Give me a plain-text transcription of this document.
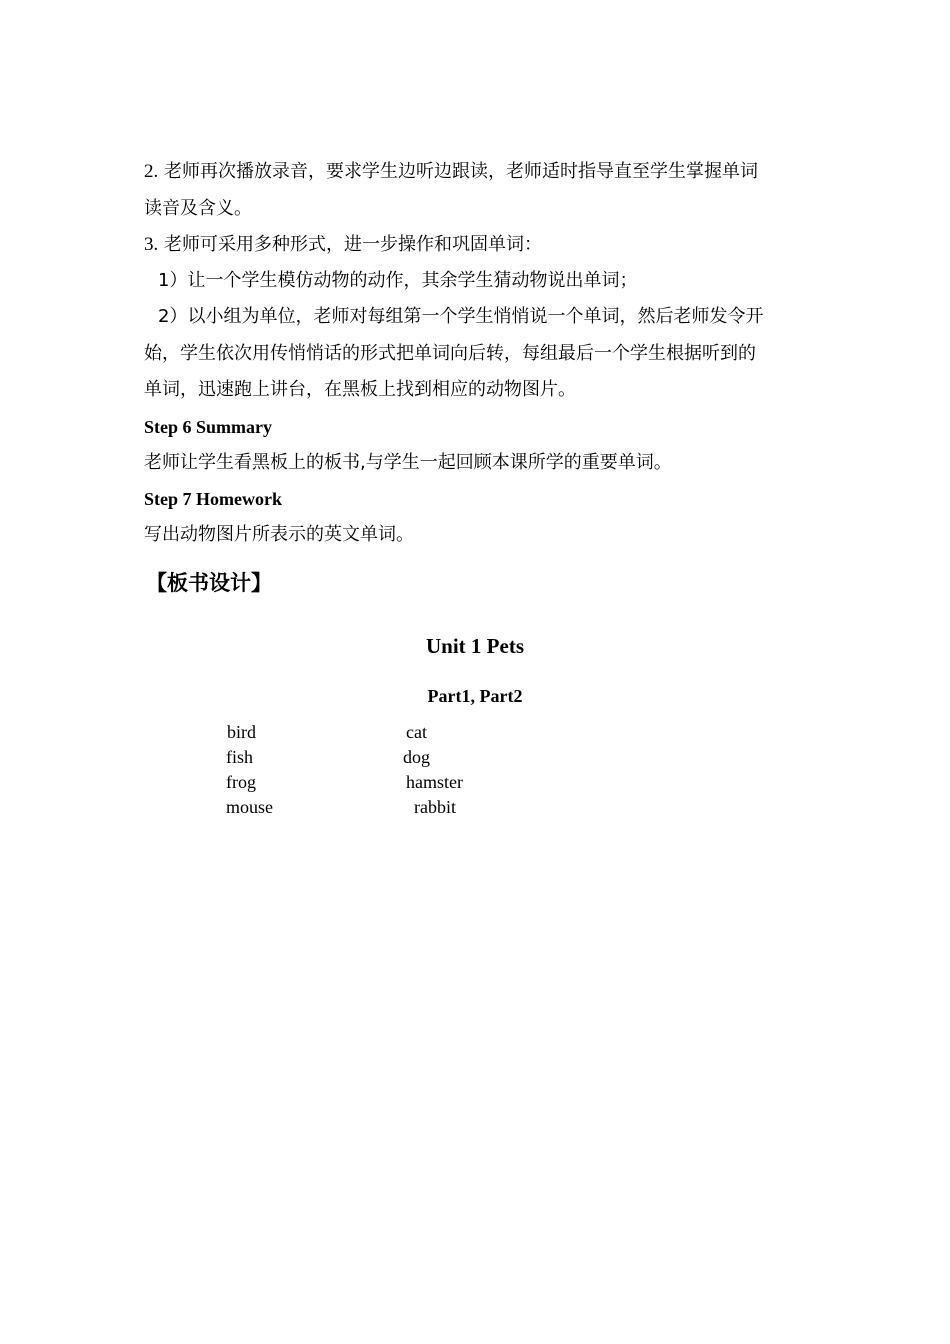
2. 老师再次播放录音，要求学生边听边跟读，老师适时指导直至学生掌握单词
读音及含义。
3. 老师可采用多种形式，进一步操作和巩固单词：
1）让一个学生模仿动物的动作，其余学生猜动物说出单词；
2）以小组为单位，老师对每组第一个学生悄悄说一个单词，然后老师发令开
始，学生依次用传悄悄话的形式把单词向后转，每组最后一个学生根据听到的
单词，迅速跑上讲台，在黑板上找到相应的动物图片。
Step 6 Summary
老师让学生看黑板上的板书,与学生一起回顾本课所学的重要单词。
Step 7 Homework
写出动物图片所表示的英文单词。
【板书设计】
Unit 1 Pets
Part1, Part2
bird
fish
frog
mouse
cat
dog
hamster
rabbit
